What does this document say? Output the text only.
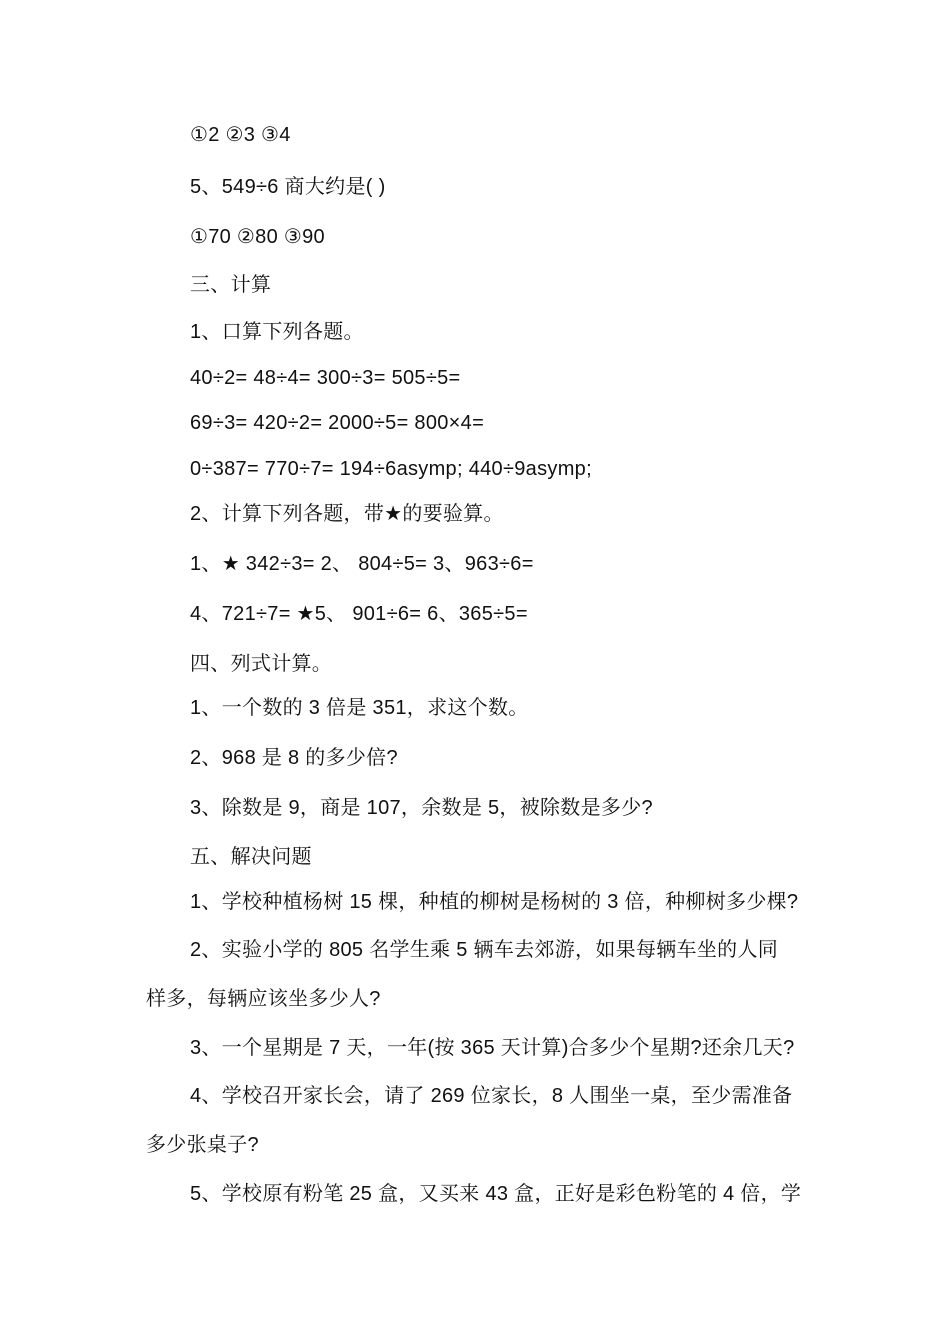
①2 ②3 ③4
5、549÷6 商大约是( )
①70 ②80 ③90
三、计算
1、口算下列各题。
40÷2= 48÷4= 300÷3= 505÷5=
69÷3= 420÷2= 2000÷5= 800×4=
0÷387= 770÷7= 194÷6asymp; 440÷9asymp;
2、计算下列各题，带★的要验算。
1、★ 342÷3= 2、 804÷5= 3、963÷6=
4、721÷7= ★5、 901÷6= 6、365÷5=
四、列式计算。
1、一个数的 3 倍是 351，求这个数。
2、968 是 8 的多少倍?
3、除数是 9，商是 107，余数是 5，被除数是多少?
五、解决问题
1、学校种植杨树 15 棵，种植的柳树是杨树的 3 倍，种柳树多少棵?
2、实验小学的 805 名学生乘 5 辆车去郊游，如果每辆车坐的人同
样多，每辆应该坐多少人?
3、一个星期是 7 天，一年(按 365 天计算)合多少个星期?还余几天?
4、学校召开家长会，请了 269 位家长，8 人围坐一桌，至少需准备
多少张桌子?
5、学校原有粉笔 25 盒，又买来 43 盒，正好是彩色粉笔的 4 倍，学
